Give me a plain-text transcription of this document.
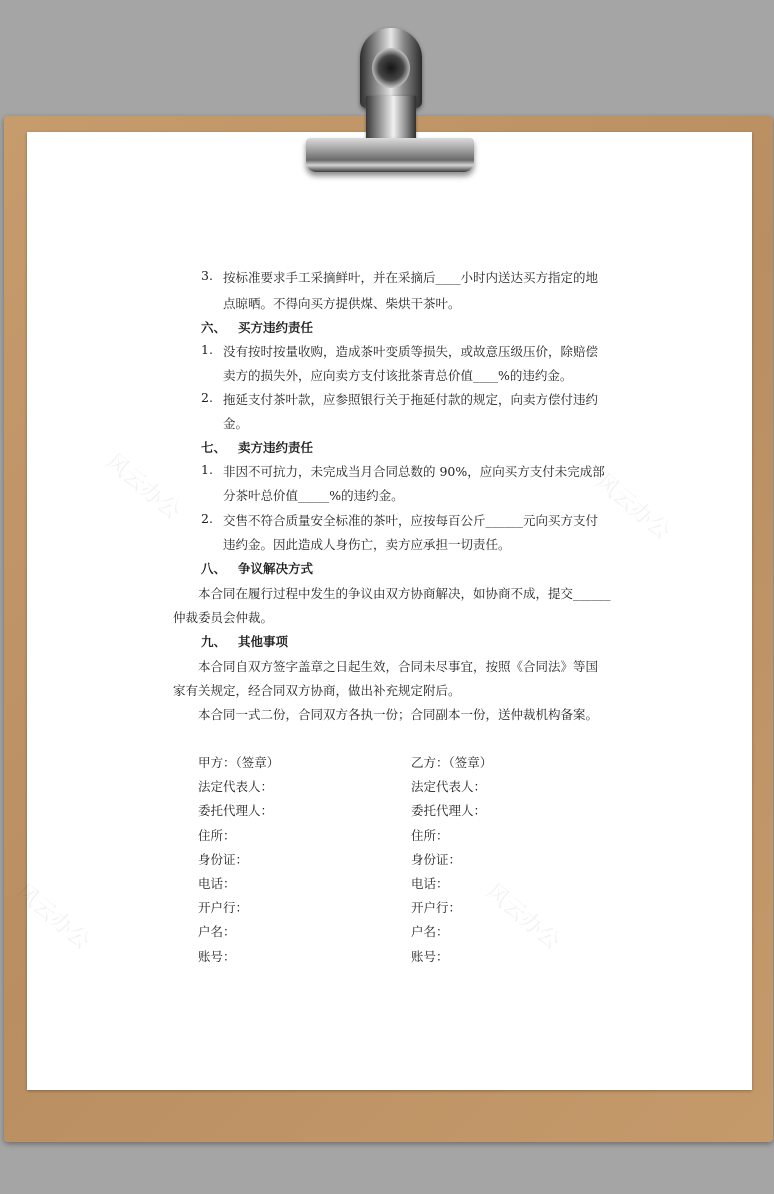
风云办公	风云办公
风云办公	风云办公
3. 按标准要求手工采摘鲜叶，并在采摘后____小时内送达买方指定的地
点晾晒。不得向买方提供煤、柴烘干茶叶。
六、 买方违约责任
1. 没有按时按量收购，造成茶叶变质等损失，或故意压级压价，除赔偿
卖方的损失外，应向卖方支付该批茶青总价值____%的违约金。
2. 拖延支付茶叶款，应参照银行关于拖延付款的规定，向卖方偿付违约
金。
七、 卖方违约责任
1. 非因不可抗力，未完成当月合同总数的 90%，应向买方支付未完成部
分茶叶总价值_____%的违约金。
2. 交售不符合质量安全标准的茶叶，应按每百公斤______元向买方支付
违约金。因此造成人身伤亡，卖方应承担一切责任。
八、 争议解决方式
本合同在履行过程中发生的争议由双方协商解决，如协商不成，提交______
仲裁委员会仲裁。
九、 其他事项
本合同自双方签字盖章之日起生效，合同未尽事宜，按照《合同法》等国
家有关规定，经合同双方协商，做出补充规定附后。
本合同一式二份，合同双方各执一份；合同副本一份，送仲裁机构备案。
甲方：（签章）
法定代表人：
委托代理人：
住所：
身份证：
电话：
开户行：
户名：
账号：
乙方：（签章）
法定代表人：
委托代理人：
住所：
身份证：
电话：
开户行：
户名：
账号：
